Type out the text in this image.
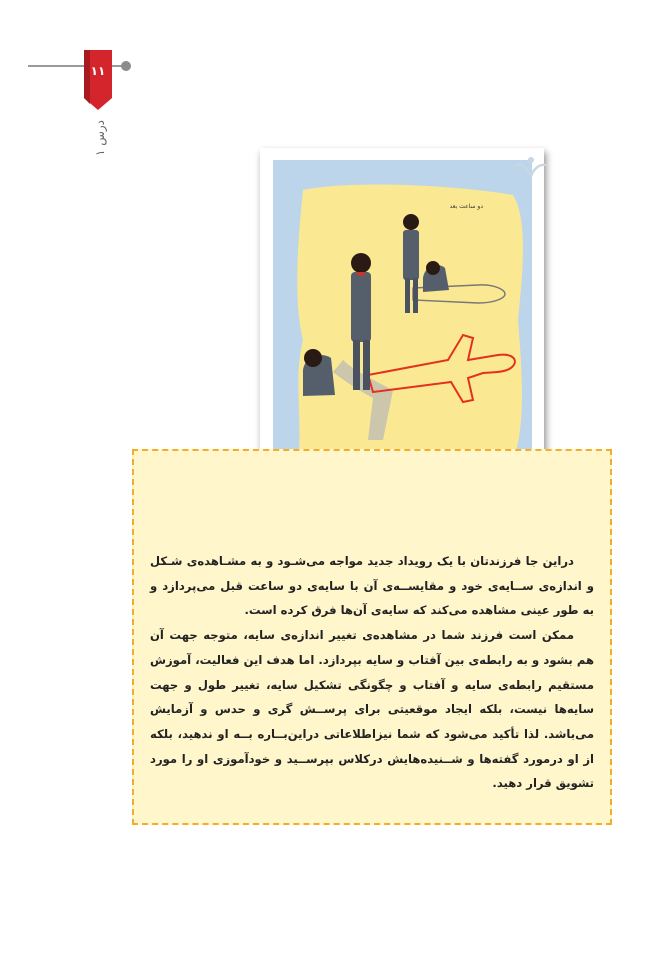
۱۱
درس ۱
دو ساعت بعد

دراین جا فرزندتان با یک رویداد جدید مواجه می‌شـود و به مشـاهده‌ی شـکل و اندازه‌ی ســایه‌ی خود و مقایســه‌ی آن با سایه‌ی دو ساعت قبل می‌پردازد و به طور عینی مشاهده می‌کند که سایه‌ی آن‌ها فرق کرده است.

ممکن است فرزند شما در مشاهده‌ی تغییر اندازه‌ی سایه، متوجه جهت آن هم بشود و به رابطه‌ی بین آفتاب و سایه بپردازد. اما هدف این فعالیت، آموزش مستقیم رابطه‌ی سایه و آفتاب و چگونگی تشکیل سایه، تغییر طول و جهت سایه‌ها نیست، بلکه ایجاد موقعیتی برای پرســش گری و حدس و آزمایش می‌باشد. لذا تأکید می‌شود که شما نیزاطلاعاتی دراین‌بــاره بــه او ندهید، بلکه از او درمورد گفته‌ها و شــنیده‌هایش درکلاس بپرســید و خودآموزی او را مورد تشویق قرار دهید.
